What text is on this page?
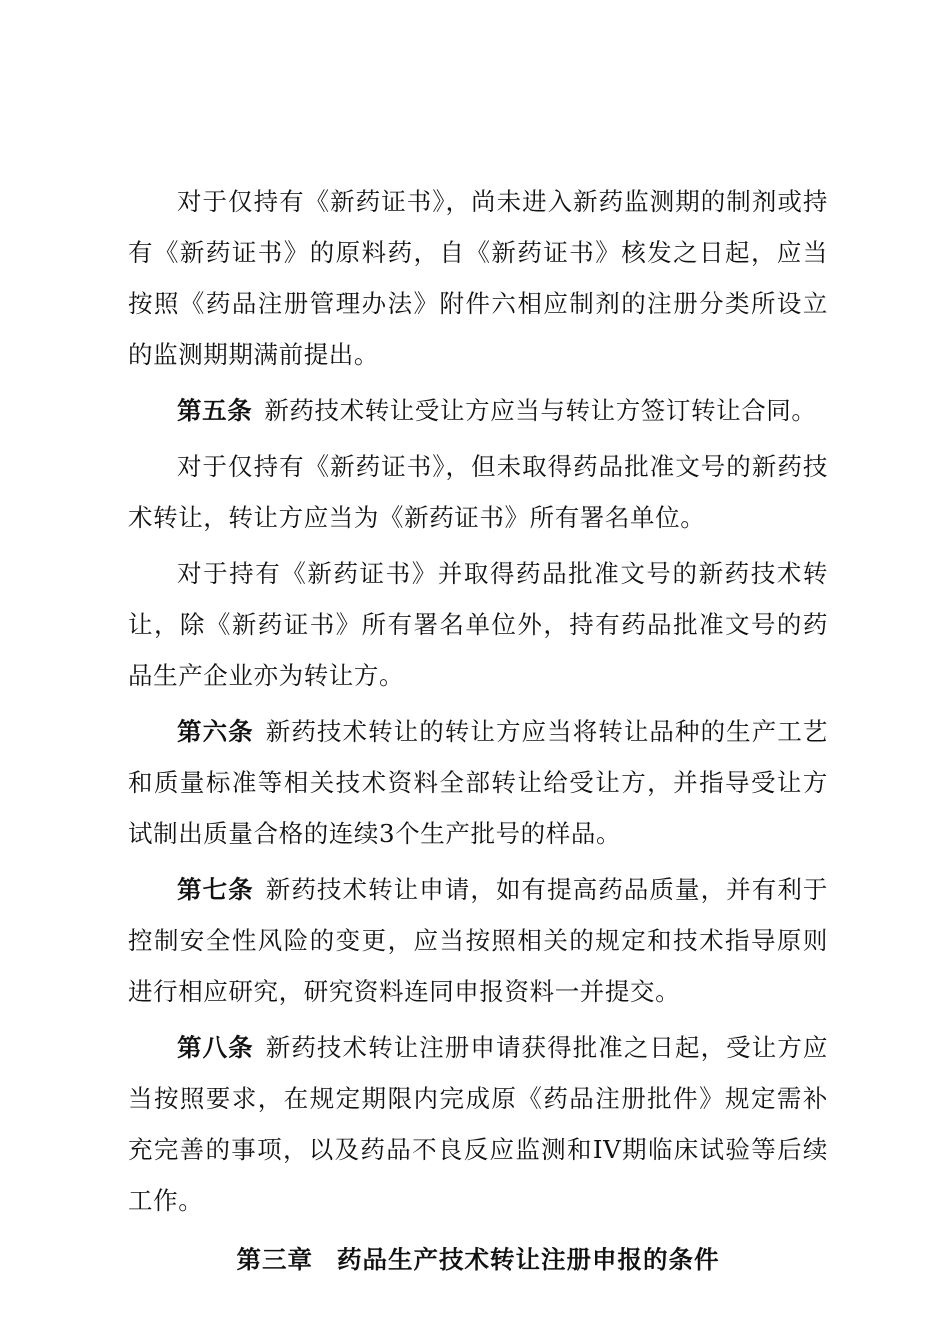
对于仅持有《新药证书》，尚未进入新药监测期的制剂或持有《新药证书》的原料药，自《新药证书》核发之日起，应当按照《药品注册管理办法》附件六相应制剂的注册分类所设立的监测期期满前提出。

第五条 新药技术转让受让方应当与转让方签订转让合同。

对于仅持有《新药证书》，但未取得药品批准文号的新药技术转让，转让方应当为《新药证书》所有署名单位。

对于持有《新药证书》并取得药品批准文号的新药技术转让，除《新药证书》所有署名单位外，持有药品批准文号的药品生产企业亦为转让方。

第六条 新药技术转让的转让方应当将转让品种的生产工艺和质量标准等相关技术资料全部转让给受让方，并指导受让方试制出质量合格的连续3个生产批号的样品。

第七条 新药技术转让申请，如有提高药品质量，并有利于控制安全性风险的变更，应当按照相关的规定和技术指导原则进行相应研究，研究资料连同申报资料一并提交。

第八条 新药技术转让注册申请获得批准之日起，受让方应当按照要求，在规定期限内完成原《药品注册批件》规定需补充完善的事项，以及药品不良反应监测和IV期临床试验等后续工作。

第三章 药品生产技术转让注册申报的条件
